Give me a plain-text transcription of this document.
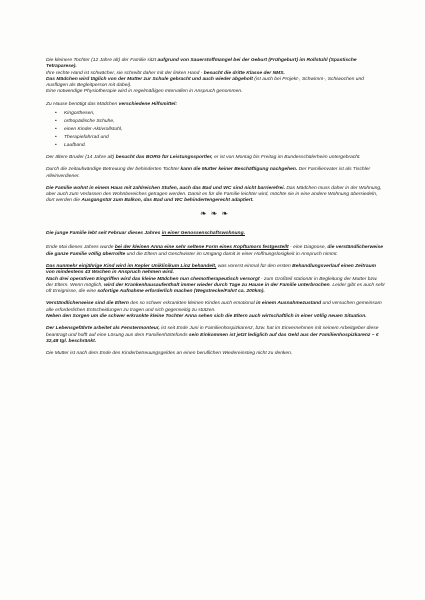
Die kleinere Tochter (12 Jahre alt) der Familie sitzt aufgrund von Sauerstoffmangel bei der Geburt (Frühgeburt) im Rollstuhl (Spastische Tetraparese).
Ihre rechte Hand ist schwächer, sie schreibt daher mit der linken Hand - besucht die dritte Klasse der NMS.
Das Mädchen wird täglich von der Mutter zur Schule gebracht und auch wieder abgeholt (ist auch bei Projekt-, Schwimm-, Schiwochen und Ausflügen als Begleitperson mit dabei).
Eine notwendige Physiotherapie wird in regelmäßigen Intervallen in Anspruch genommen.

Zu Hause benötigt das Mädchen verschiedene Hilfsmittel:

• Kingorthesen,
• orthopädische Schuhe,
• einen Kinder-Aktivrollstuhl,
• Therapiefahrrad und
• Laufband.

Der ältere Bruder (14 Jahre alt) besucht das BORG für Leistungssportler, er ist von Montag bis Freitag im Bundesschülerheim untergebracht.

Durch die zeitaufwändige Betreuung der behinderten Tochter kann die Mutter keiner Beschäftigung nachgehen. Der Familienvater ist als Tischler Alleinverdiener.

Die Familie wohnt in einem Haus mit zahlreichen Stufen, auch das Bad und WC sind nicht barrierefrei. Das Mädchen muss daher in der Wohnung, aber auch zum Verlassen des Wohnbereiches getragen werden. Damit es für die Familie leichter wird, möchte sie in eine andere Wohnung übersiedeln, dort werden die Ausgangstür zum Balkon, das Bad und WC behindertengerecht adaptiert.

❧❧❧

Die junge Familie lebt seit Februar dieses Jahres in einer Genossenschaftswohnung.

Ende Mai dieses Jahres wurde bei der kleinen Anna eine sehr seltene Form eines Kopftumors festgestellt - eine Diagnose, die verständlicherweise die ganze Familie völlig überrollte und die Eltern und Geschwister im Umgang damit in einer Hoffnungslosigkeit in Anspruch nimmt.

Das nunmehr einjährige Kind wird im Kepler Uniklinikum Linz behandelt, was vorerst einmal für den ersten Behandlungsverlauf einen Zeitraum von mindestens 43 Wochen in Anspruch nehmen wird.
Nach drei operativen Eingriffen wird das kleine Mädchen nun chemotherapeutisch versorgt - zum Großteil stationär in Begleitung der Mutter bzw. der Eltern. Wenn möglich, wird der Krankenhausaufenthalt immer wieder durch Tage zu Hause in der Familie unterbrochen. Leider gibt es auch sehr oft Ereignisse, die eine sofortige Aufnahme erforderlich machen (Wegstrecke/Fahrt ca. 200km).

Verständlicherweise sind die Eltern des so schwer erkrankten kleinen Kindes auch emotional in einem Ausnahmezustand und versuchen gemeinsam alle erforderlichen Entscheidungen zu tragen und sich gegenseitig zu stützen.
Neben den Sorgen um die schwer erkrankte kleine Tochter Anna sehen sich die Eltern auch wirtschaftlich in einer völlig neuen Situation.

Der Lebensgefährte arbeitet als Fenstermonteur, ist seit Ende Juni in Familienhospizkarenz, bzw. hat im Einvernehmen mit seinem Arbeitgeber diese beantragt und hofft auf eine Lösung aus dem Familienhärtefonds sein Einkommen ist jetzt lediglich auf das Geld aus der Familienhospizkarenz – € 32,48 tgl. beschränkt.

Die Mutter ist nach dem Ende des Kinderbetreuungsgeldes an einen beruflichen Wiedereinstieg nicht zu denken.
